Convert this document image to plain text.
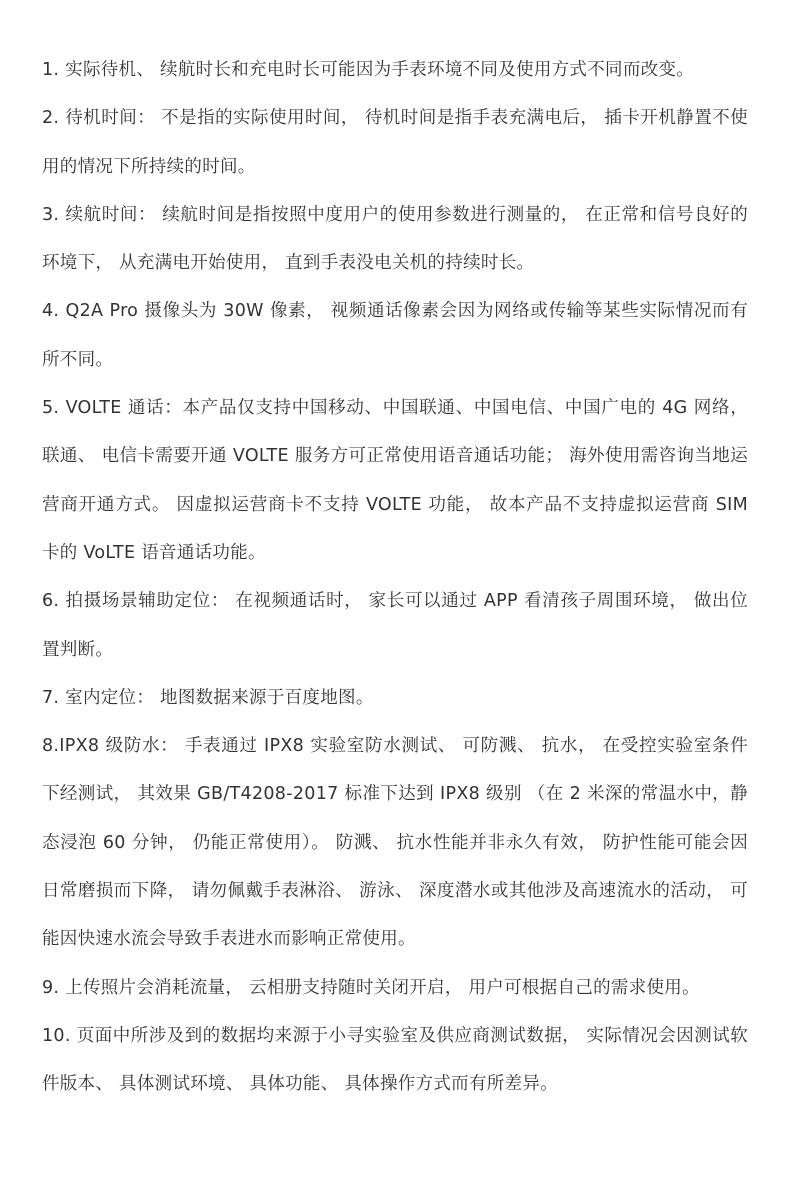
1. 实际待机、 续航时长和充电时长可能因为手表环境不同及使用方式不同而改变。
2. 待机时间： 不是指的实际使用时间， 待机时间是指手表充满电后， 插卡开机静置不使用的情况下所持续的时间。
3. 续航时间： 续航时间是指按照中度用户的使用参数进行测量的， 在正常和信号良好的环境下， 从充满电开始使用， 直到手表没电关机的持续时长。
4. Q2A Pro 摄像头为 30W 像素， 视频通话像素会因为网络或传输等某些实际情况而有所不同。
5. VOLTE 通话：本产品仅支持中国移动、中国联通、中国电信、中国广电的 4G 网络，联通、 电信卡需要开通 VOLTE 服务方可正常使用语音通话功能； 海外使用需咨询当地运营商开通方式。 因虚拟运营商卡不支持 VOLTE 功能， 故本产品不支持虚拟运营商 SIM 卡的 VoLTE 语音通话功能。
6. 拍摄场景辅助定位： 在视频通话时， 家长可以通过 APP 看清孩子周围环境， 做出位置判断。
7. 室内定位： 地图数据来源于百度地图。
8.IPX8 级防水： 手表通过 IPX8 实验室防水测试、 可防溅、 抗水， 在受控实验室条件下经测试， 其效果 GB/T4208-2017 标准下达到 IPX8 级别 （在 2 米深的常温水中，静态浸泡 60 分钟， 仍能正常使用）。 防溅、 抗水性能并非永久有效， 防护性能可能会因日常磨损而下降， 请勿佩戴手表淋浴、 游泳、 深度潜水或其他涉及高速流水的活动， 可能因快速水流会导致手表进水而影响正常使用。
9. 上传照片会消耗流量， 云相册支持随时关闭开启， 用户可根据自己的需求使用。
10. 页面中所涉及到的数据均来源于小寻实验室及供应商测试数据， 实际情况会因测试软件版本、 具体测试环境、 具体功能、 具体操作方式而有所差异。
